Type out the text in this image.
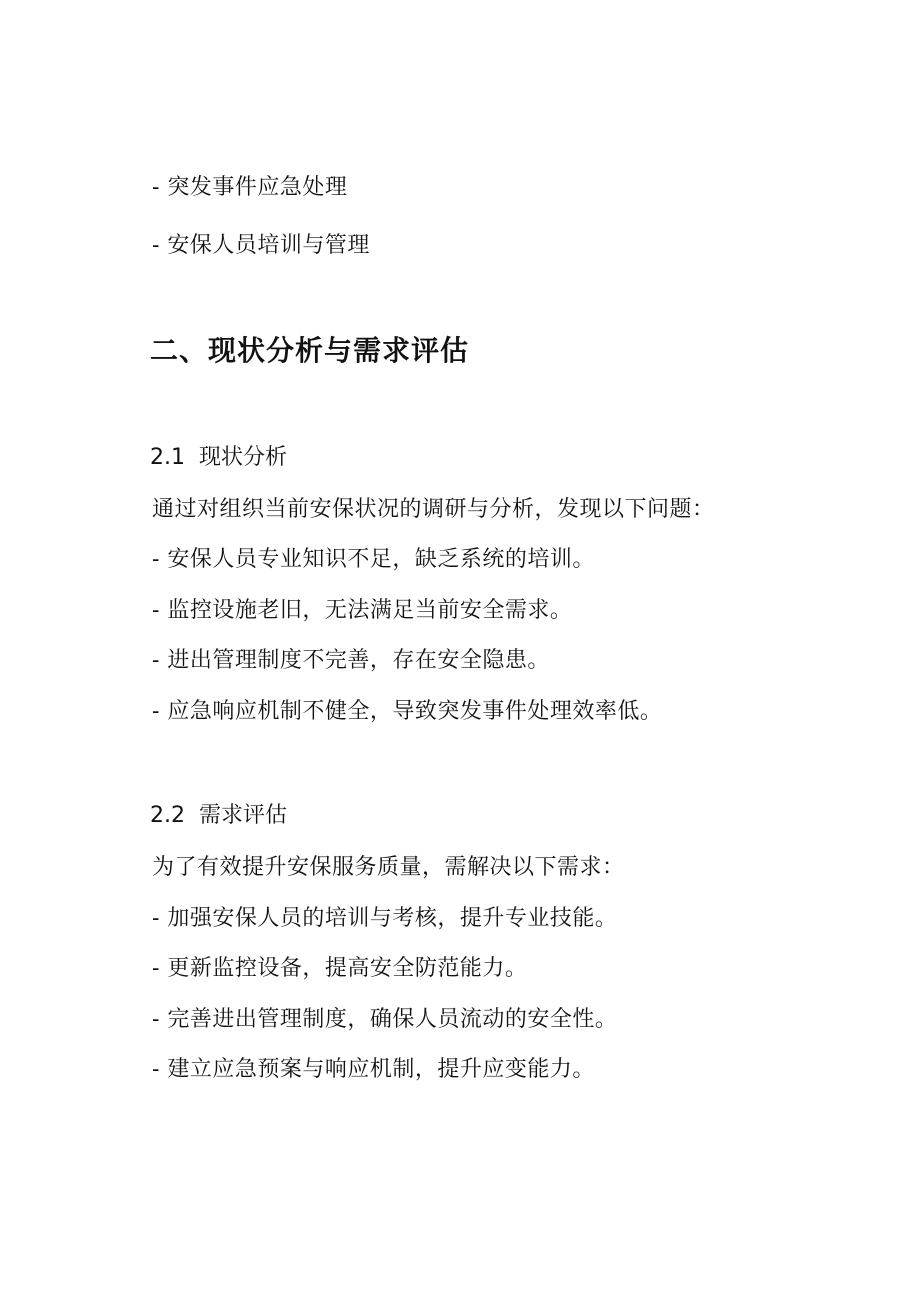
- 突发事件应急处理
- 安保人员培训与管理
二、现状分析与需求评估
2.1 现状分析
通过对组织当前安保状况的调研与分析，发现以下问题：
- 安保人员专业知识不足，缺乏系统的培训。
- 监控设施老旧，无法满足当前安全需求。
- 进出管理制度不完善，存在安全隐患。
- 应急响应机制不健全，导致突发事件处理效率低。
2.2 需求评估
为了有效提升安保服务质量，需解决以下需求：
- 加强安保人员的培训与考核，提升专业技能。
- 更新监控设备，提高安全防范能力。
- 完善进出管理制度，确保人员流动的安全性。
- 建立应急预案与响应机制，提升应变能力。
